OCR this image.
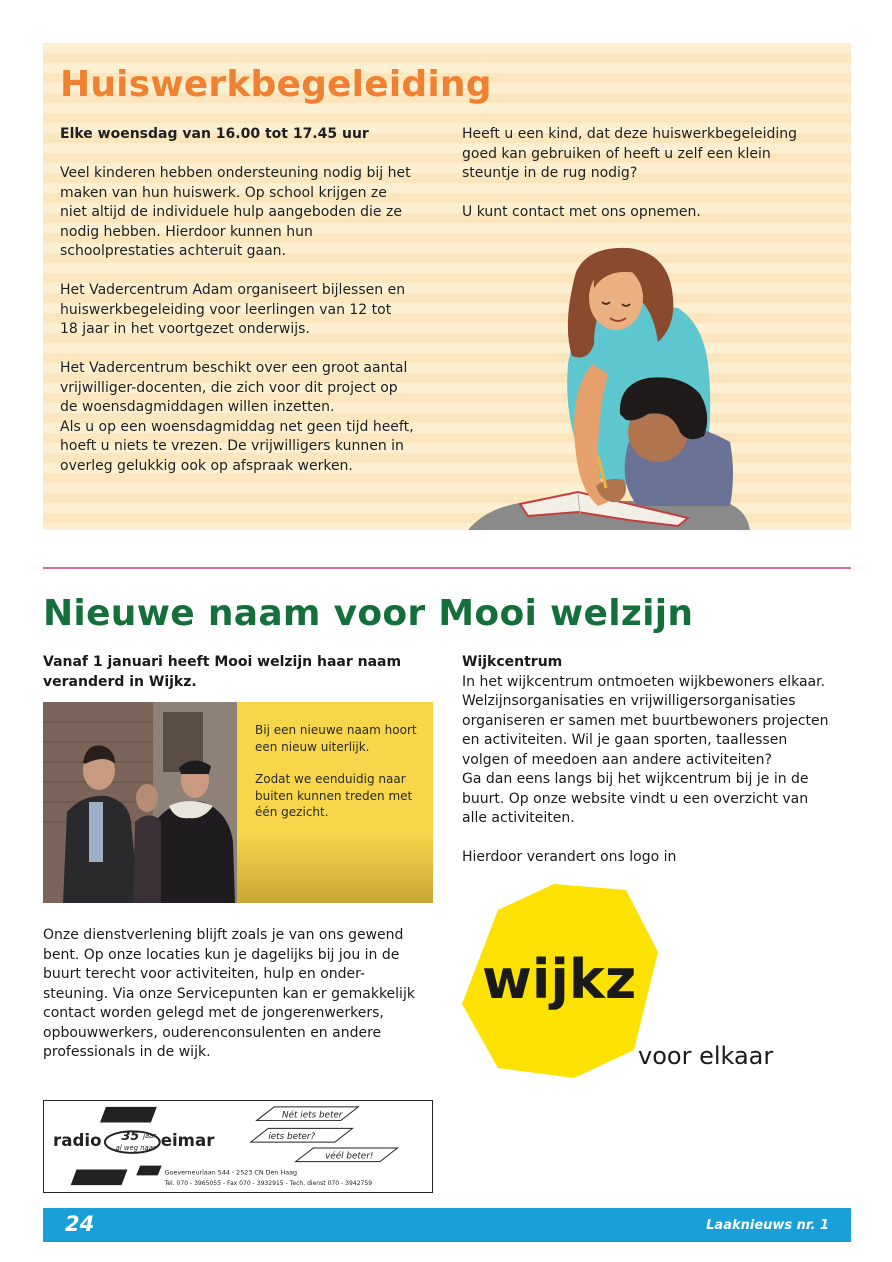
Huiswerkbegeleiding

Elke woensdag van 16.00 tot 17.45 uur

Veel kinderen hebben ondersteuning nodig bij het
maken van hun huiswerk. Op school krijgen ze
niet altijd de individuele hulp aangeboden die ze
nodig hebben. Hierdoor kunnen hun
schoolprestaties achteruit gaan.

Het Vadercentrum Adam organiseert bijlessen en
huiswerkbegeleiding voor leerlingen van 12 tot
18 jaar in het voortgezet onderwijs.

Het Vadercentrum beschikt over een groot aantal
vrijwilliger-docenten, die zich voor dit project op
de woensdagmiddagen willen inzetten.
Als u op een woensdagmiddag net geen tijd heeft,
hoeft u niets te vrezen. De vrijwilligers kunnen in
overleg gelukkig ook op afspraak werken.

Heeft u een kind, dat deze huiswerkbegeleiding
goed kan gebruiken of heeft u zelf een klein
steuntje in de rug nodig?

U kunt contact met ons opnemen.

Nieuwe naam voor Mooi welzijn

Vanaf 1 januari heeft Mooi welzijn haar naam
veranderd in Wijkz.

Bij een nieuwe naam hoort
een nieuw uiterlijk.

Zodat we eenduidig naar
buiten kunnen treden met
één gezicht.

Onze dienstverlening blijft zoals je van ons gewend
bent. Op onze locaties kun je dagelijks bij jou in de
buurt terecht voor activiteiten, hulp en onder-
steuning. Via onze Servicepunten kan er gemakkelijk
contact worden gelegd met de jongerenwerkers,
opbouwwerkers, ouderenconsulenten en andere
professionals in de wijk.

Wijkcentrum

In het wijkcentrum ontmoeten wijkbewoners elkaar.
Welzijnsorganisaties en vrijwilligersorganisaties
organiseren er samen met buurtbewoners projecten
en activiteiten. Wil je gaan sporten, taallessen
volgen of meedoen aan andere activiteiten?
Ga dan eens langs bij het wijkcentrum bij je in de
buurt. Op onze website vindt u een overzicht van
alle activiteiten.

Hierdoor verandert ons logo in

wijkz
voor elkaar
radio al weg naar
35 jaar eimar
Nét iets beter
iets beter?
véél beter!
Goeverneurlaan 544 - 2523 CN Den Haag
Tel. 070 - 3965055 - Fax 070 - 3932915 - Tech. dienst 070 - 3942759
24	Laaknieuws nr. 1
